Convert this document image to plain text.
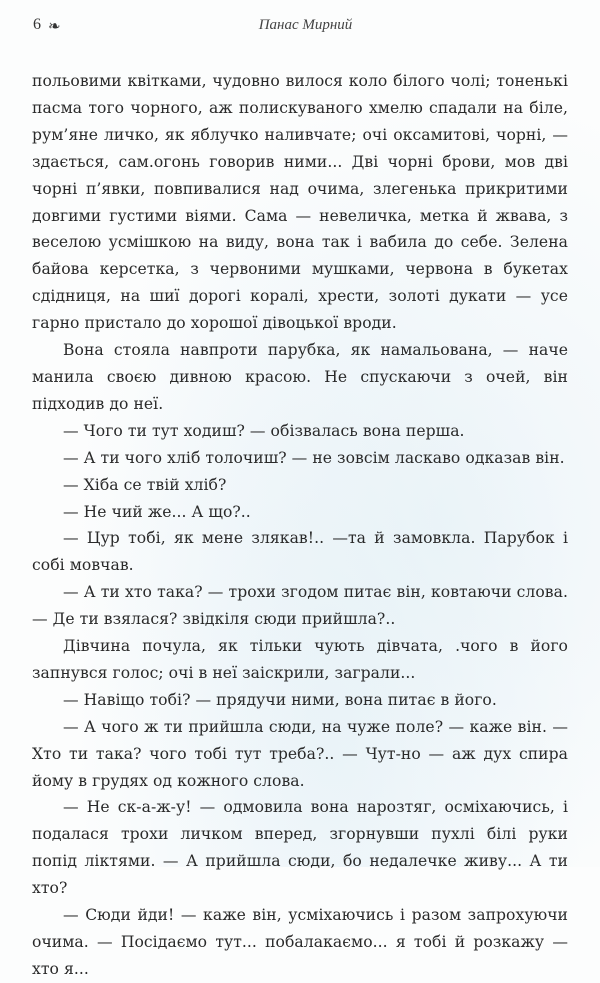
6 ❧	Панас Мирний

польовими квітками, чудовно вилося коло білого чолі; тоненькі пасма того чорного, аж полискуваного хмелю спадали на біле, рум’яне личко, як яблучко наливчате; очі оксамитові, чорні, — здається, сам.огонь говорив ними... Дві чорні брови, мов дві чорні п’явки, повпивалися над очима, злегенька прикритими довгими густими віями. Сама — невеличка, метка й жвава, з веселою усмішкою на виду, вона так і вабила до себе. Зелена байова керсетка, з червоними мушками, червона в букетах сдідниця, на шиї дорогі коралі, хрести, золоті дукати — усе гарно пристало до хорошої дівоцької вроди.

Вона стояла навпроти парубка, як намальована, — наче манила своєю дивною красою. Не спускаючи з очей, він підходив до неї.

— Чого ти тут ходиш? — обізвалась вона перша.

— А ти чого хліб толочиш? — не зовсім ласкаво одказав він.

— Хіба се твій хліб?

— Не чий же... А що?..

— Цур тобі, як мене злякав!.. —та й замовкла. Парубок і собі мовчав.

— А ти хто така? — трохи згодом питає він, ковтаючи слова. — Де ти взялася? звідкіля сюди прийшла?..

Дівчина почула, як тільки чують дівчата, .чого в його запнувся голос; очі в неї заіскрили, заграли...

— Навіщо тобі? — прядучи ними, вона питає в його.

— А чого ж ти прийшла сюди, на чуже поле? — каже він. — Хто ти така? чого тобі тут треба?.. — Чут-но — аж дух спира йому в грудях од кожного слова.

— Не ск-а-ж-у! — одмовила вона нарозтяг, осміхаючись, і подалася трохи личком вперед, згорнувши пухлі білі руки попід ліктями. — А прийшла сюди, бо недалечке живу... А ти хто?

— Сюди йди! — каже він, усміхаючись і разом запрохуючи очима. — Посідаємо тут... побалакаємо... я тобі й розкажу — хто я...
